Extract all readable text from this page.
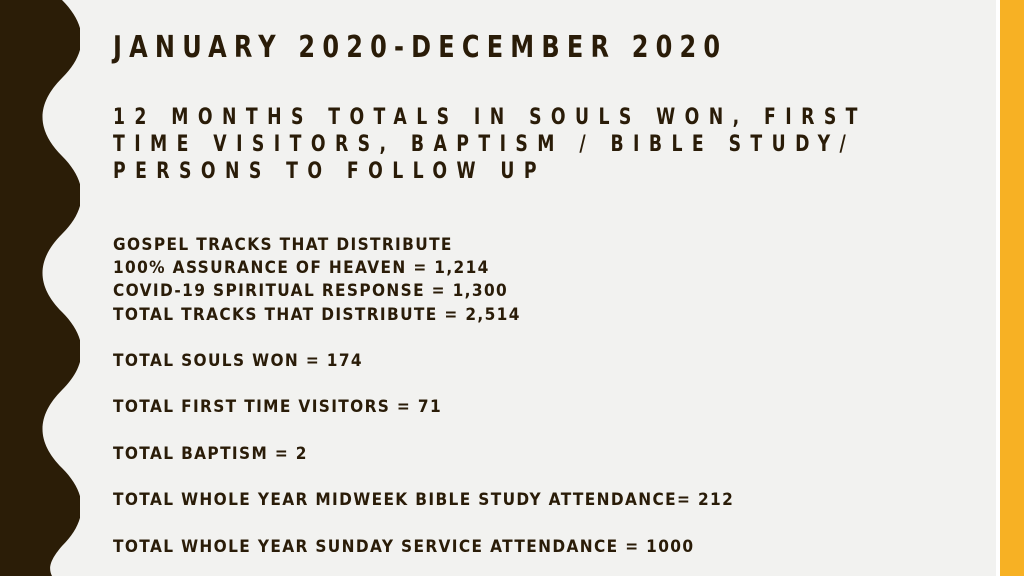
JANUARY 2020-DECEMBER 2020
12 MONTHS TOTALS IN SOULS WON, FIRST TIME VISITORS, BAPTISM / BIBLE STUDY/ PERSONS TO FOLLOW UP
GOSPEL TRACKS THAT DISTRIBUTE
100% ASSURANCE OF HEAVEN = 1,214
COVID-19 SPIRITUAL RESPONSE = 1,300
TOTAL TRACKS THAT DISTRIBUTE = 2,514
TOTAL SOULS WON = 174
TOTAL FIRST TIME VISITORS = 71
TOTAL BAPTISM = 2
TOTAL WHOLE YEAR MIDWEEK BIBLE STUDY ATTENDANCE= 212
TOTAL WHOLE YEAR SUNDAY SERVICE ATTENDANCE = 1000
